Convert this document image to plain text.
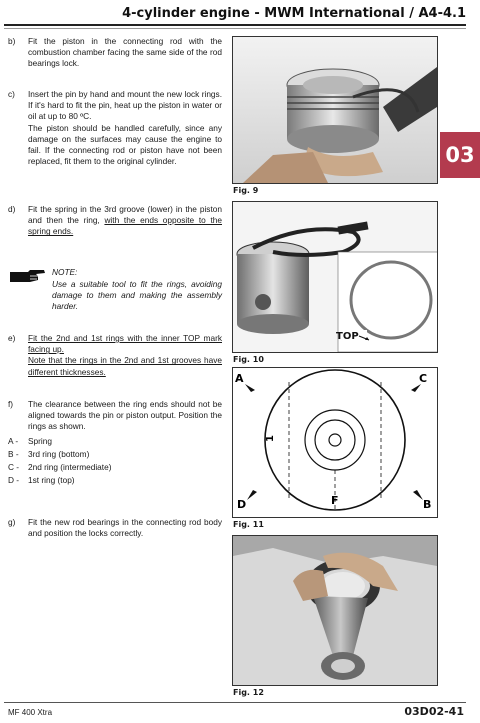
4-cylinder engine - MWM International / A4-4.1
03
b) Fit the piston in the connecting rod with the combustion chamber facing the same side of the rod bearings lock.
c) Insert the pin by hand and mount the new lock rings. If it's hard to fit the pin, heat up the piston in water or oil at up to 80 ºC.
The piston should be handled carefully, since any damage on the surfaces may cause the engine to fail. If the connecting rod or piston have not been replaced, fit them to the original cylinder.
d) Fit the spring in the 3rd groove (lower) in the piston and then the ring, with the ends opposite to the spring ends.
NOTE:
Use a suitable tool to fit the rings, avoiding damage to them and making the assembly harder.
e) Fit the 2nd and 1st rings with the inner TOP mark facing up.
Note that the rings in the 2nd and 1st grooves have different thicknesses.
f) The clearance between the ring ends should not be aligned towards the pin or piston output. Position the rings as shown.
A -	Spring
B -	3rd ring (bottom)
C -	2nd ring (intermediate)
D -	1st ring (top)
g) Fit the new rod bearings in the connecting rod body and position the locks correctly.
Fig. 9
TOP
Fig. 10
A	C
D	B
F
1
Fig. 11
Fig. 12
MF 400 Xtra	03D02-41
